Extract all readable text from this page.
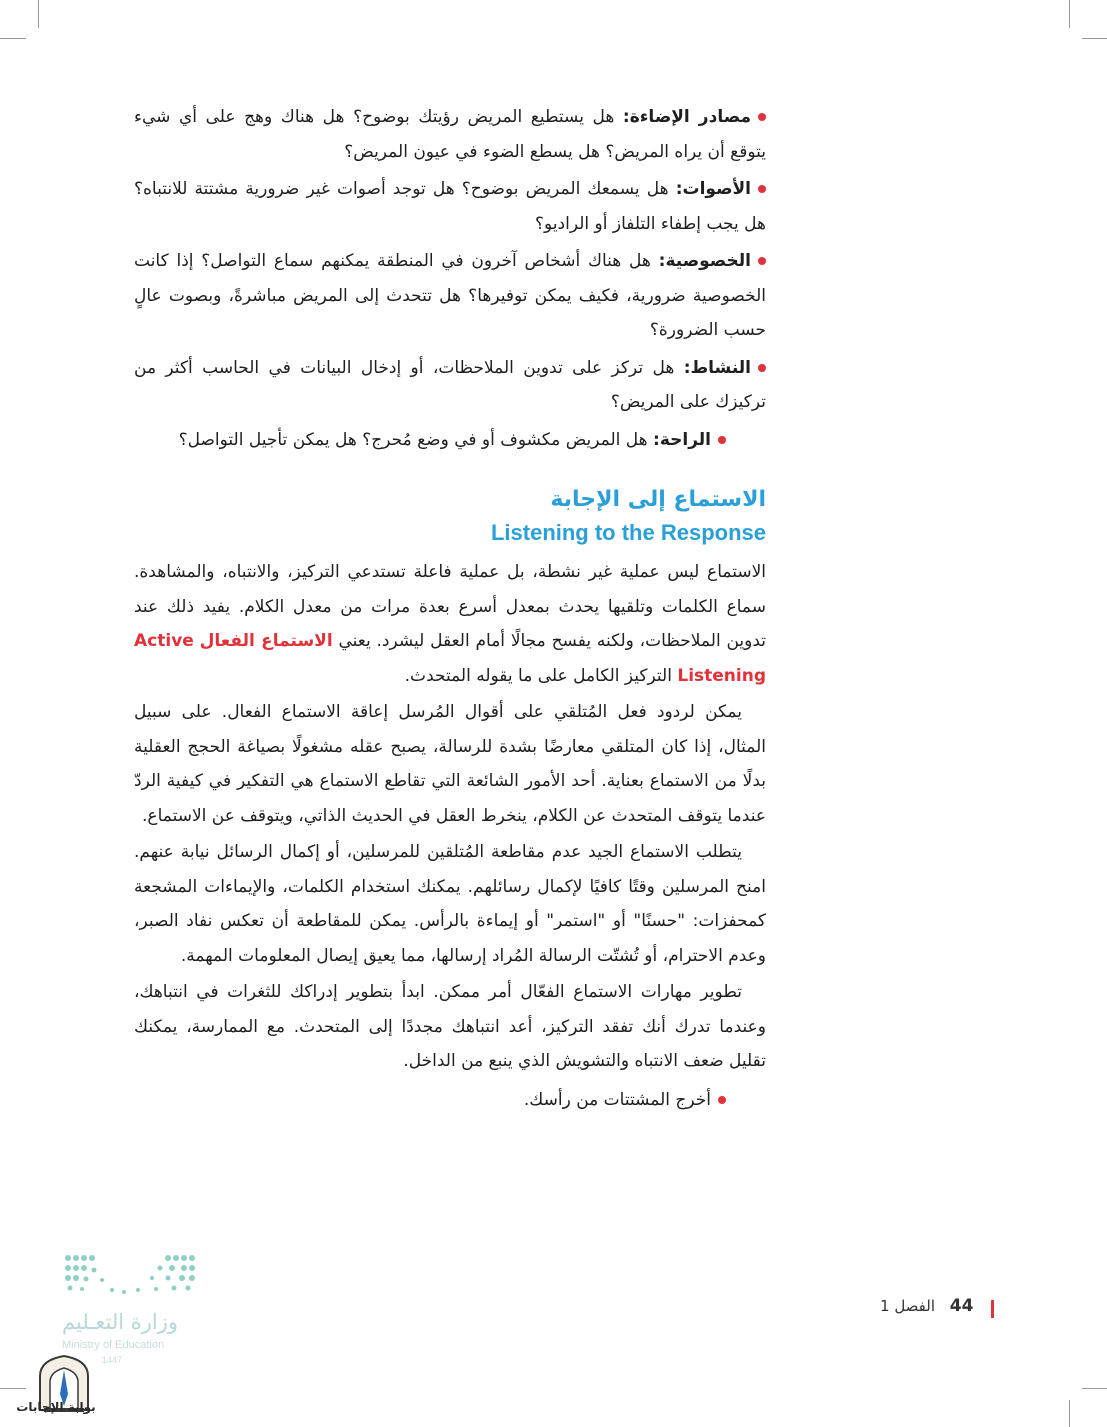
مصادر الإضاءة: هل يستطيع المريض رؤيتك بوضوح؟ هل هناك وهج على أي شيء يتوقع أن يراه المريض؟ هل يسطع الضوء في عيون المريض؟
الأصوات: هل يسمعك المريض بوضوح؟ هل توجد أصوات غير ضرورية مشتتة للانتباه؟ هل يجب إطفاء التلفاز أو الراديو؟
الخصوصية: هل هناك أشخاص آخرون في المنطقة يمكنهم سماع التواصل؟ إذا كانت الخصوصية ضرورية، فكيف يمكن توفيرها؟ هل تتحدث إلى المريض مباشرةً، وبصوت عالٍ حسب الضرورة؟
النشاط: هل تركز على تدوين الملاحظات، أو إدخال البيانات في الحاسب أكثر من تركيزك على المريض؟
الراحة: هل المريض مكشوف أو في وضع مُحرج؟ هل يمكن تأجيل التواصل؟
الاستماع إلى الإجابة
Listening to the Response

الاستماع ليس عملية غير نشطة، بل عملية فاعلة تستدعي التركيز، والانتباه، والمشاهدة. سماع الكلمات وتلقيها يحدث بمعدل أسرع بعدة مرات من معدل الكلام. يفيد ذلك عند تدوين الملاحظات، ولكنه يفسح مجالًا أمام العقل ليشرد. يعني الاستماع الفعال Active Listening التركيز الكامل على ما يقوله المتحدث.

يمكن لردود فعل المُتلقي على أقوال المُرسل إعاقة الاستماع الفعال. على سبيل المثال، إذا كان المتلقي معارضًا بشدة للرسالة، يصبح عقله مشغولًا بصياغة الحجج العقلية بدلًا من الاستماع بعناية. أحد الأمور الشائعة التي تقاطع الاستماع هي التفكير في كيفية الردّ عندما يتوقف المتحدث عن الكلام، ينخرط العقل في الحديث الذاتي، ويتوقف عن الاستماع.

يتطلب الاستماع الجيد عدم مقاطعة المُتلقين للمرسلين، أو إكمال الرسائل نيابة عنهم. امنح المرسلين وقتًا كافيًا لإكمال رسائلهم. يمكنك استخدام الكلمات، والإيماءات المشجعة كمحفزات: "حسنًا" أو "استمر" أو إيماءة بالرأس. يمكن للمقاطعة أن تعكس نفاد الصبر، وعدم الاحترام، أو تُشتّت الرسالة المُراد إرسالها، مما يعيق إيصال المعلومات المهمة.

تطوير مهارات الاستماع الفعّال أمر ممكن. ابدأ بتطوير إدراكك للثغرات في انتباهك، وعندما تدرك أنك تفقد التركيز، أعد انتباهك مجددًا إلى المتحدث. مع الممارسة، يمكنك تقليل ضعف الانتباه والتشويش الذي ينبع من الداخل.

أخرج المشتتات من رأسك.
44 الفصل 1
وزارة التعـليم
Ministry of Education
1447
بوابة الإجابات
